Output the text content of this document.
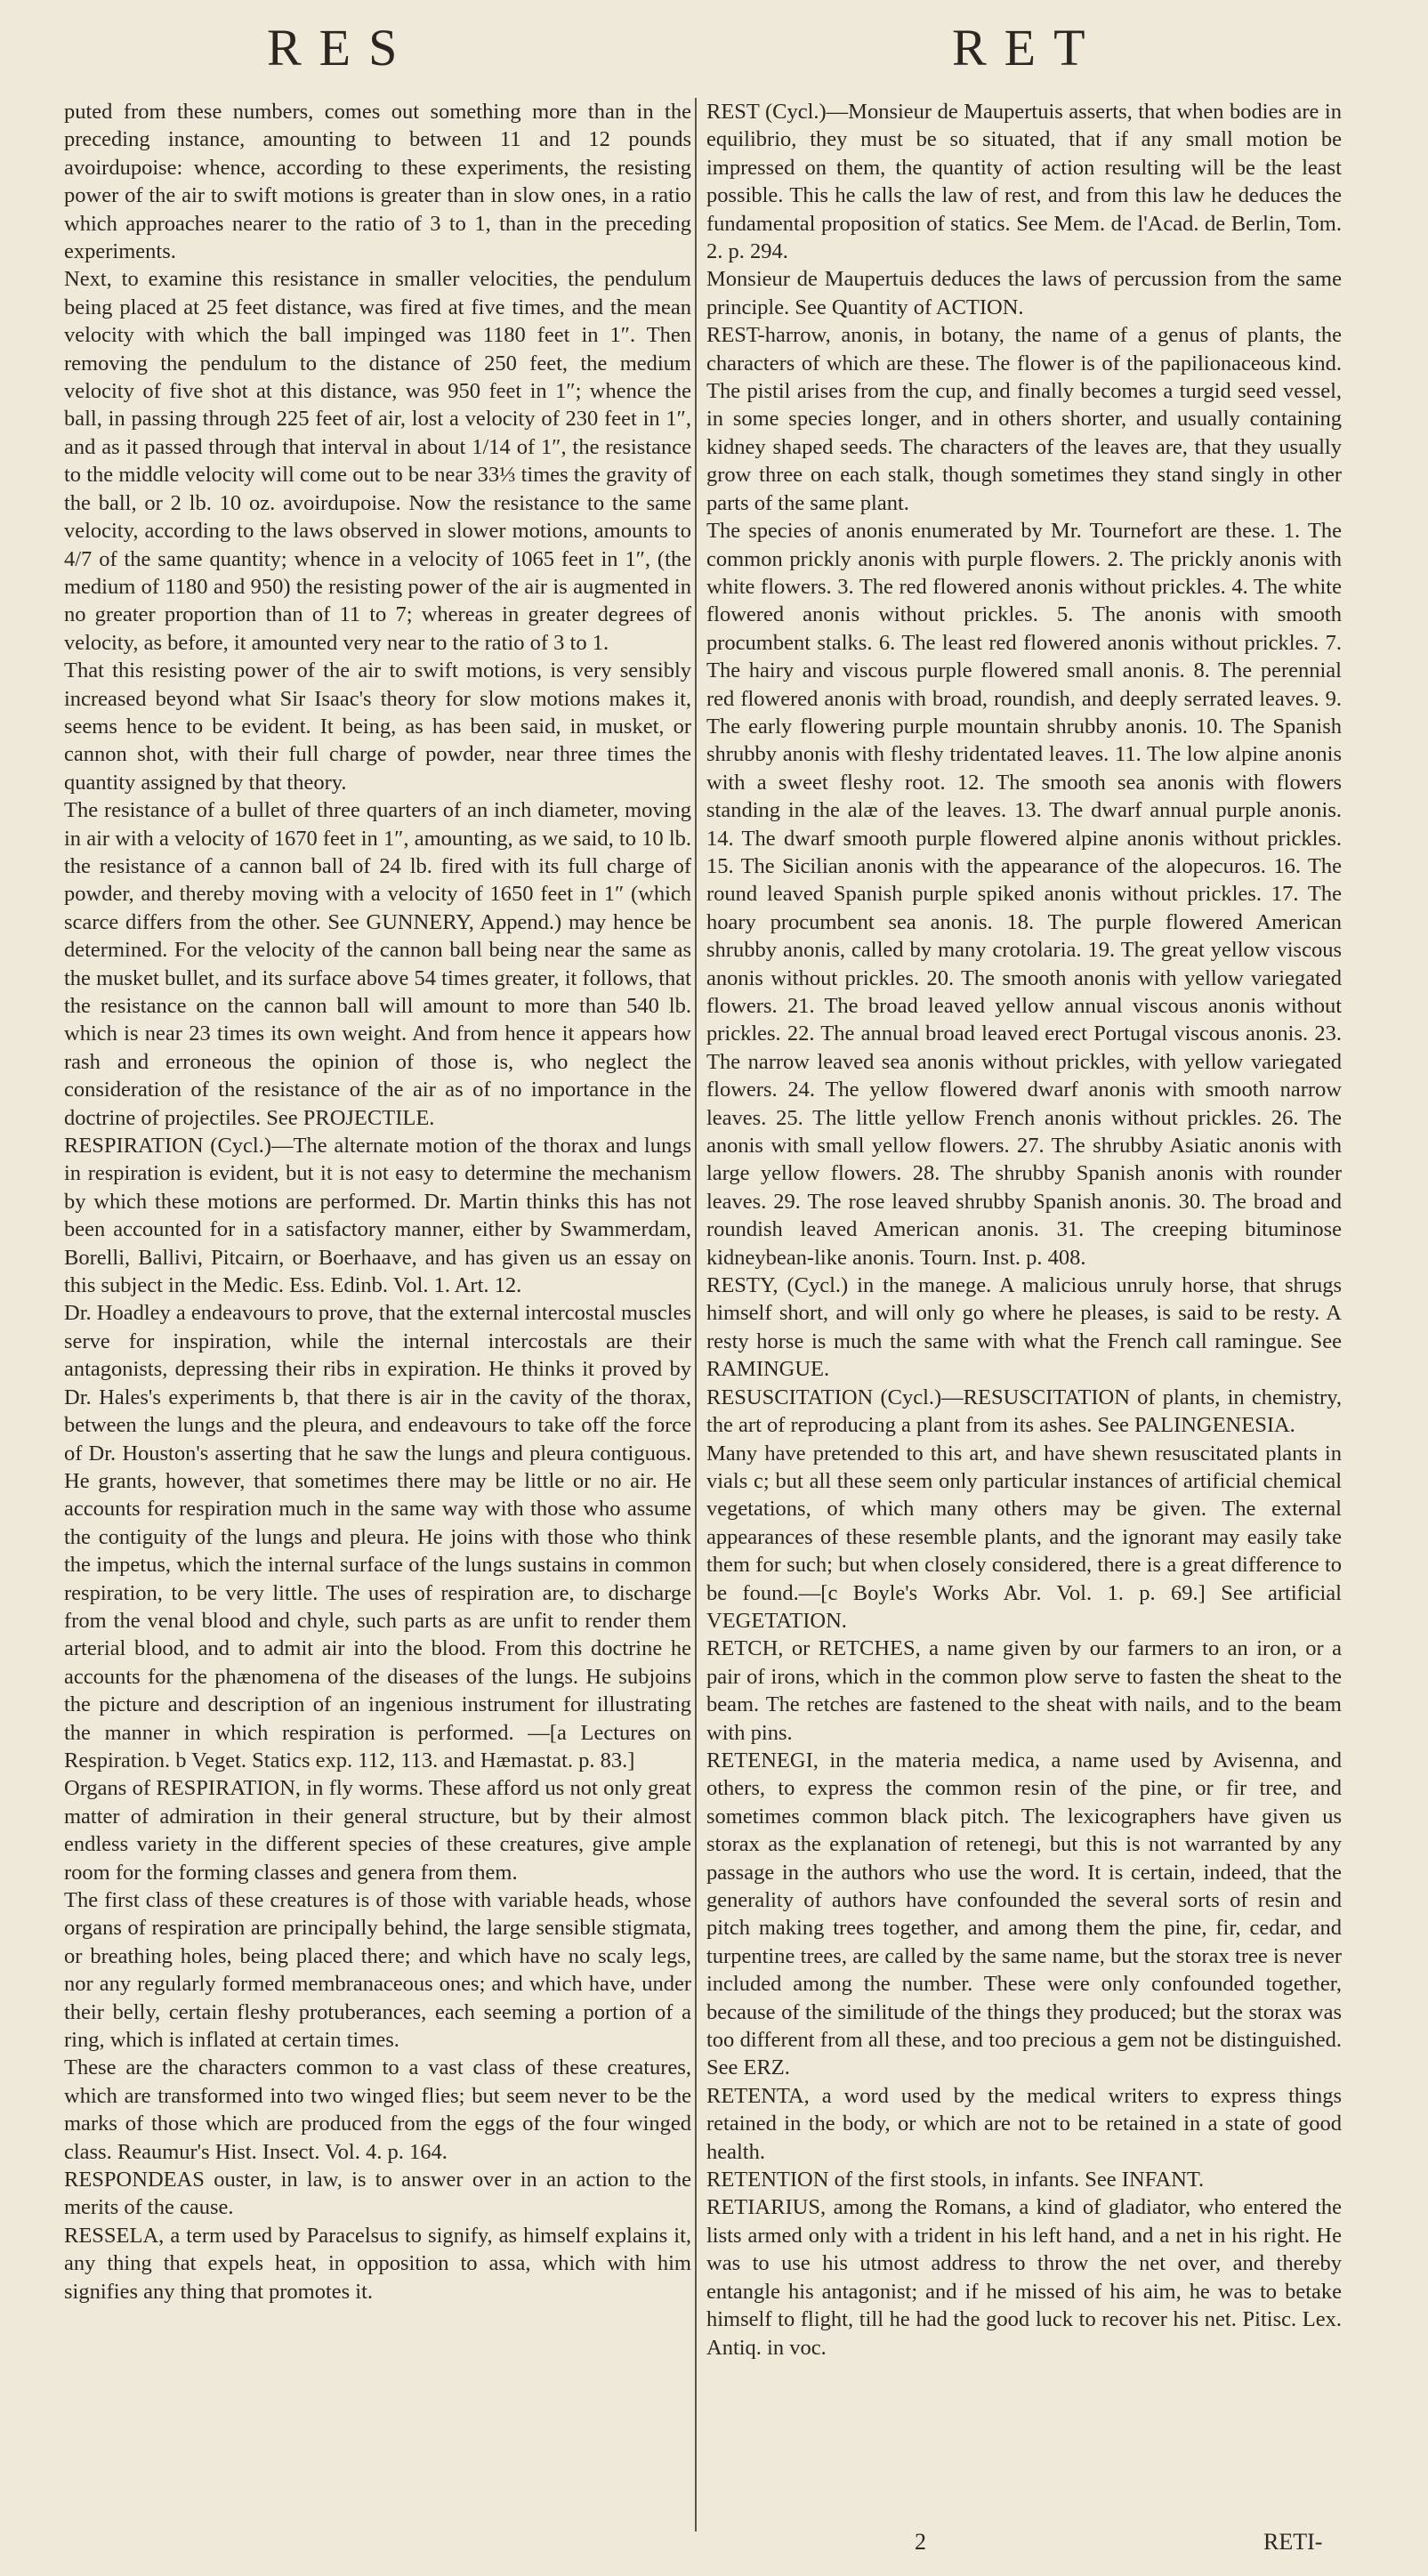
RES	RET

puted from these numbers, comes out something more than in the preceding instance, amounting to between 11 and 12 pounds avoirdupoise: whence, according to these experiments, the resisting power of the air to swift motions is greater than in slow ones, in a ratio which approaches nearer to the ratio of 3 to 1, than in the preceding experiments.

Next, to examine this resistance in smaller velocities, the pendulum being placed at 25 feet distance, was fired at five times, and the mean velocity with which the ball impinged was 1180 feet in 1″. Then removing the pendulum to the distance of 250 feet, the medium velocity of five shot at this distance, was 950 feet in 1″; whence the ball, in passing through 225 feet of air, lost a velocity of 230 feet in 1″, and as it passed through that interval in about 1/14 of 1″, the resistance to the middle velocity will come out to be near 33⅓ times the gravity of the ball, or 2 lb. 10 oz. avoirdupoise. Now the resistance to the same velocity, according to the laws observed in slower motions, amounts to 4/7 of the same quantity; whence in a velocity of 1065 feet in 1″, (the medium of 1180 and 950) the resisting power of the air is augmented in no greater proportion than of 11 to 7; whereas in greater degrees of velocity, as before, it amounted very near to the ratio of 3 to 1.

That this resisting power of the air to swift motions, is very sensibly increased beyond what Sir Isaac's theory for slow motions makes it, seems hence to be evident. It being, as has been said, in musket, or cannon shot, with their full charge of powder, near three times the quantity assigned by that theory.

The resistance of a bullet of three quarters of an inch diameter, moving in air with a velocity of 1670 feet in 1″, amounting, as we said, to 10 lb. the resistance of a cannon ball of 24 lb. fired with its full charge of powder, and thereby moving with a velocity of 1650 feet in 1″ (which scarce differs from the other. See GUNNERY, Append.) may hence be determined. For the velocity of the cannon ball being near the same as the musket bullet, and its surface above 54 times greater, it follows, that the resistance on the cannon ball will amount to more than 540 lb. which is near 23 times its own weight. And from hence it appears how rash and erroneous the opinion of those is, who neglect the consideration of the resistance of the air as of no importance in the doctrine of projectiles. See PROJECTILE.

RESPIRATION (Cycl.)—The alternate motion of the thorax and lungs in respiration is evident, but it is not easy to determine the mechanism by which these motions are performed. Dr. Martin thinks this has not been accounted for in a satisfactory manner, either by Swammerdam, Borelli, Ballivi, Pitcairn, or Boerhaave, and has given us an essay on this subject in the Medic. Ess. Edinb. Vol. 1. Art. 12.

Dr. Hoadley a endeavours to prove, that the external intercostal muscles serve for inspiration, while the internal intercostals are their antagonists, depressing their ribs in expiration. He thinks it proved by Dr. Hales's experiments b, that there is air in the cavity of the thorax, between the lungs and the pleura, and endeavours to take off the force of Dr. Houston's asserting that he saw the lungs and pleura contiguous. He grants, however, that sometimes there may be little or no air. He accounts for respiration much in the same way with those who assume the contiguity of the lungs and pleura. He joins with those who think the impetus, which the internal surface of the lungs sustains in common respiration, to be very little. The uses of respiration are, to discharge from the venal blood and chyle, such parts as are unfit to render them arterial blood, and to admit air into the blood. From this doctrine he accounts for the phænomena of the diseases of the lungs. He subjoins the picture and description of an ingenious instrument for illustrating the manner in which respiration is performed. —[a Lectures on Respiration. b Veget. Statics exp. 112, 113. and Hæmastat. p. 83.]

Organs of RESPIRATION, in fly worms. These afford us not only great matter of admiration in their general structure, but by their almost endless variety in the different species of these creatures, give ample room for the forming classes and genera from them.

The first class of these creatures is of those with variable heads, whose organs of respiration are principally behind, the large sensible stigmata, or breathing holes, being placed there; and which have no scaly legs, nor any regularly formed membranaceous ones; and which have, under their belly, certain fleshy protuberances, each seeming a portion of a ring, which is inflated at certain times.

These are the characters common to a vast class of these creatures, which are transformed into two winged flies; but seem never to be the marks of those which are produced from the eggs of the four winged class. Reaumur's Hist. Insect. Vol. 4. p. 164.

RESPONDEAS ouster, in law, is to answer over in an action to the merits of the cause.

RESSELA, a term used by Paracelsus to signify, as himself explains it, any thing that expels heat, in opposition to assa, which with him signifies any thing that promotes it.

REST (Cycl.)—Monsieur de Maupertuis asserts, that when bodies are in equilibrio, they must be so situated, that if any small motion be impressed on them, the quantity of action resulting will be the least possible. This he calls the law of rest, and from this law he deduces the fundamental proposition of statics. See Mem. de l'Acad. de Berlin, Tom. 2. p. 294.

Monsieur de Maupertuis deduces the laws of percussion from the same principle. See Quantity of ACTION.

REST-harrow, anonis, in botany, the name of a genus of plants, the characters of which are these. The flower is of the papilionaceous kind. The pistil arises from the cup, and finally becomes a turgid seed vessel, in some species longer, and in others shorter, and usually containing kidney shaped seeds. The characters of the leaves are, that they usually grow three on each stalk, though sometimes they stand singly in other parts of the same plant.

The species of anonis enumerated by Mr. Tournefort are these. 1. The common prickly anonis with purple flowers. 2. The prickly anonis with white flowers. 3. The red flowered anonis without prickles. 4. The white flowered anonis without prickles. 5. The anonis with smooth procumbent stalks. 6. The least red flowered anonis without prickles. 7. The hairy and viscous purple flowered small anonis. 8. The perennial red flowered anonis with broad, roundish, and deeply serrated leaves. 9. The early flowering purple mountain shrubby anonis. 10. The Spanish shrubby anonis with fleshy tridentated leaves. 11. The low alpine anonis with a sweet fleshy root. 12. The smooth sea anonis with flowers standing in the alæ of the leaves. 13. The dwarf annual purple anonis. 14. The dwarf smooth purple flowered alpine anonis without prickles. 15. The Sicilian anonis with the appearance of the alopecuros. 16. The round leaved Spanish purple spiked anonis without prickles. 17. The hoary procumbent sea anonis. 18. The purple flowered American shrubby anonis, called by many crotolaria. 19. The great yellow viscous anonis without prickles. 20. The smooth anonis with yellow variegated flowers. 21. The broad leaved yellow annual viscous anonis without prickles. 22. The annual broad leaved erect Portugal viscous anonis. 23. The narrow leaved sea anonis without prickles, with yellow variegated flowers. 24. The yellow flowered dwarf anonis with smooth narrow leaves. 25. The little yellow French anonis without prickles. 26. The anonis with small yellow flowers. 27. The shrubby Asiatic anonis with large yellow flowers. 28. The shrubby Spanish anonis with rounder leaves. 29. The rose leaved shrubby Spanish anonis. 30. The broad and roundish leaved American anonis. 31. The creeping bituminose kidneybean-like anonis. Tourn. Inst. p. 408.

RESTY, (Cycl.) in the manege. A malicious unruly horse, that shrugs himself short, and will only go where he pleases, is said to be resty. A resty horse is much the same with what the French call ramingue. See RAMINGUE.

RESUSCITATION (Cycl.)—RESUSCITATION of plants, in chemistry, the art of reproducing a plant from its ashes. See PALINGENESIA.

Many have pretended to this art, and have shewn resuscitated plants in vials c; but all these seem only particular instances of artificial chemical vegetations, of which many others may be given. The external appearances of these resemble plants, and the ignorant may easily take them for such; but when closely considered, there is a great difference to be found.—[c Boyle's Works Abr. Vol. 1. p. 69.] See artificial VEGETATION.

RETCH, or RETCHES, a name given by our farmers to an iron, or a pair of irons, which in the common plow serve to fasten the sheat to the beam. The retches are fastened to the sheat with nails, and to the beam with pins.

RETENEGI, in the materia medica, a name used by Avisenna, and others, to express the common resin of the pine, or fir tree, and sometimes common black pitch. The lexicographers have given us storax as the explanation of retenegi, but this is not warranted by any passage in the authors who use the word. It is certain, indeed, that the generality of authors have confounded the several sorts of resin and pitch making trees together, and among them the pine, fir, cedar, and turpentine trees, are called by the same name, but the storax tree is never included among the number. These were only confounded together, because of the similitude of the things they produced; but the storax was too different from all these, and too precious a gem not be distinguished. See ERZ.

RETENTA, a word used by the medical writers to express things retained in the body, or which are not to be retained in a state of good health.

RETENTION of the first stools, in infants. See INFANT.

RETIARIUS, among the Romans, a kind of gladiator, who entered the lists armed only with a trident in his left hand, and a net in his right. He was to use his utmost address to throw the net over, and thereby entangle his antagonist; and if he missed of his aim, he was to betake himself to flight, till he had the good luck to recover his net. Pitisc. Lex. Antiq. in voc.

2	RETI-
